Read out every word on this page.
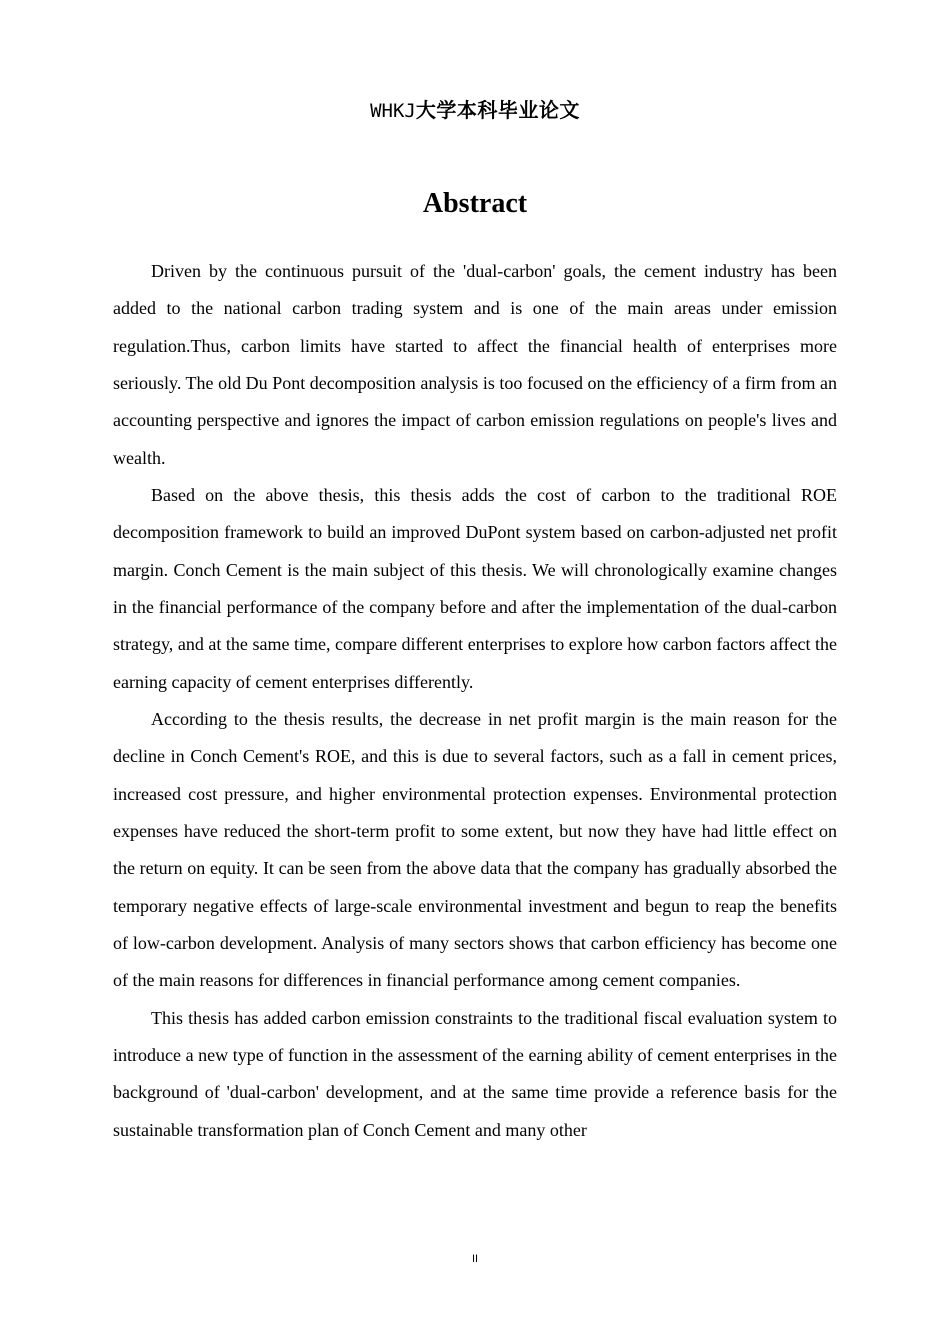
WHKJ大学本科毕业论文
Abstract

Driven by the continuous pursuit of the 'dual-carbon' goals, the cement industry has been added to the national carbon trading system and is one of the main areas under emission regulation.Thus, carbon limits have started to affect the financial health of enterprises more seriously. The old Du Pont decomposition analysis is too focused on the efficiency of a firm from an accounting perspective and ignores the impact of carbon emission regulations on people's lives and wealth.

Based on the above thesis, this thesis adds the cost of carbon to the traditional ROE decomposition framework to build an improved DuPont system based on carbon-adjusted net profit margin. Conch Cement is the main subject of this thesis. We will chronologically examine changes in the financial performance of the company before and after the implementation of the dual-carbon strategy, and at the same time, compare different enterprises to explore how carbon factors affect the earning capacity of cement enterprises differently.

According to the thesis results, the decrease in net profit margin is the main reason for the decline in Conch Cement's ROE, and this is due to several factors, such as a fall in cement prices, increased cost pressure, and higher environmental protection expenses. Environmental protection expenses have reduced the short-term profit to some extent, but now they have had little effect on the return on equity. It can be seen from the above data that the company has gradually absorbed the temporary negative effects of large-scale environmental investment and begun to reap the benefits of low-carbon development. Analysis of many sectors shows that carbon efficiency has become one of the main reasons for differences in financial performance among cement companies.

This thesis has added carbon emission constraints to the traditional fiscal evaluation system to introduce a new type of function in the assessment of the earning ability of cement enterprises in the background of 'dual-carbon' development, and at the same time provide a reference basis for the sustainable transformation plan of Conch Cement and many other

II
